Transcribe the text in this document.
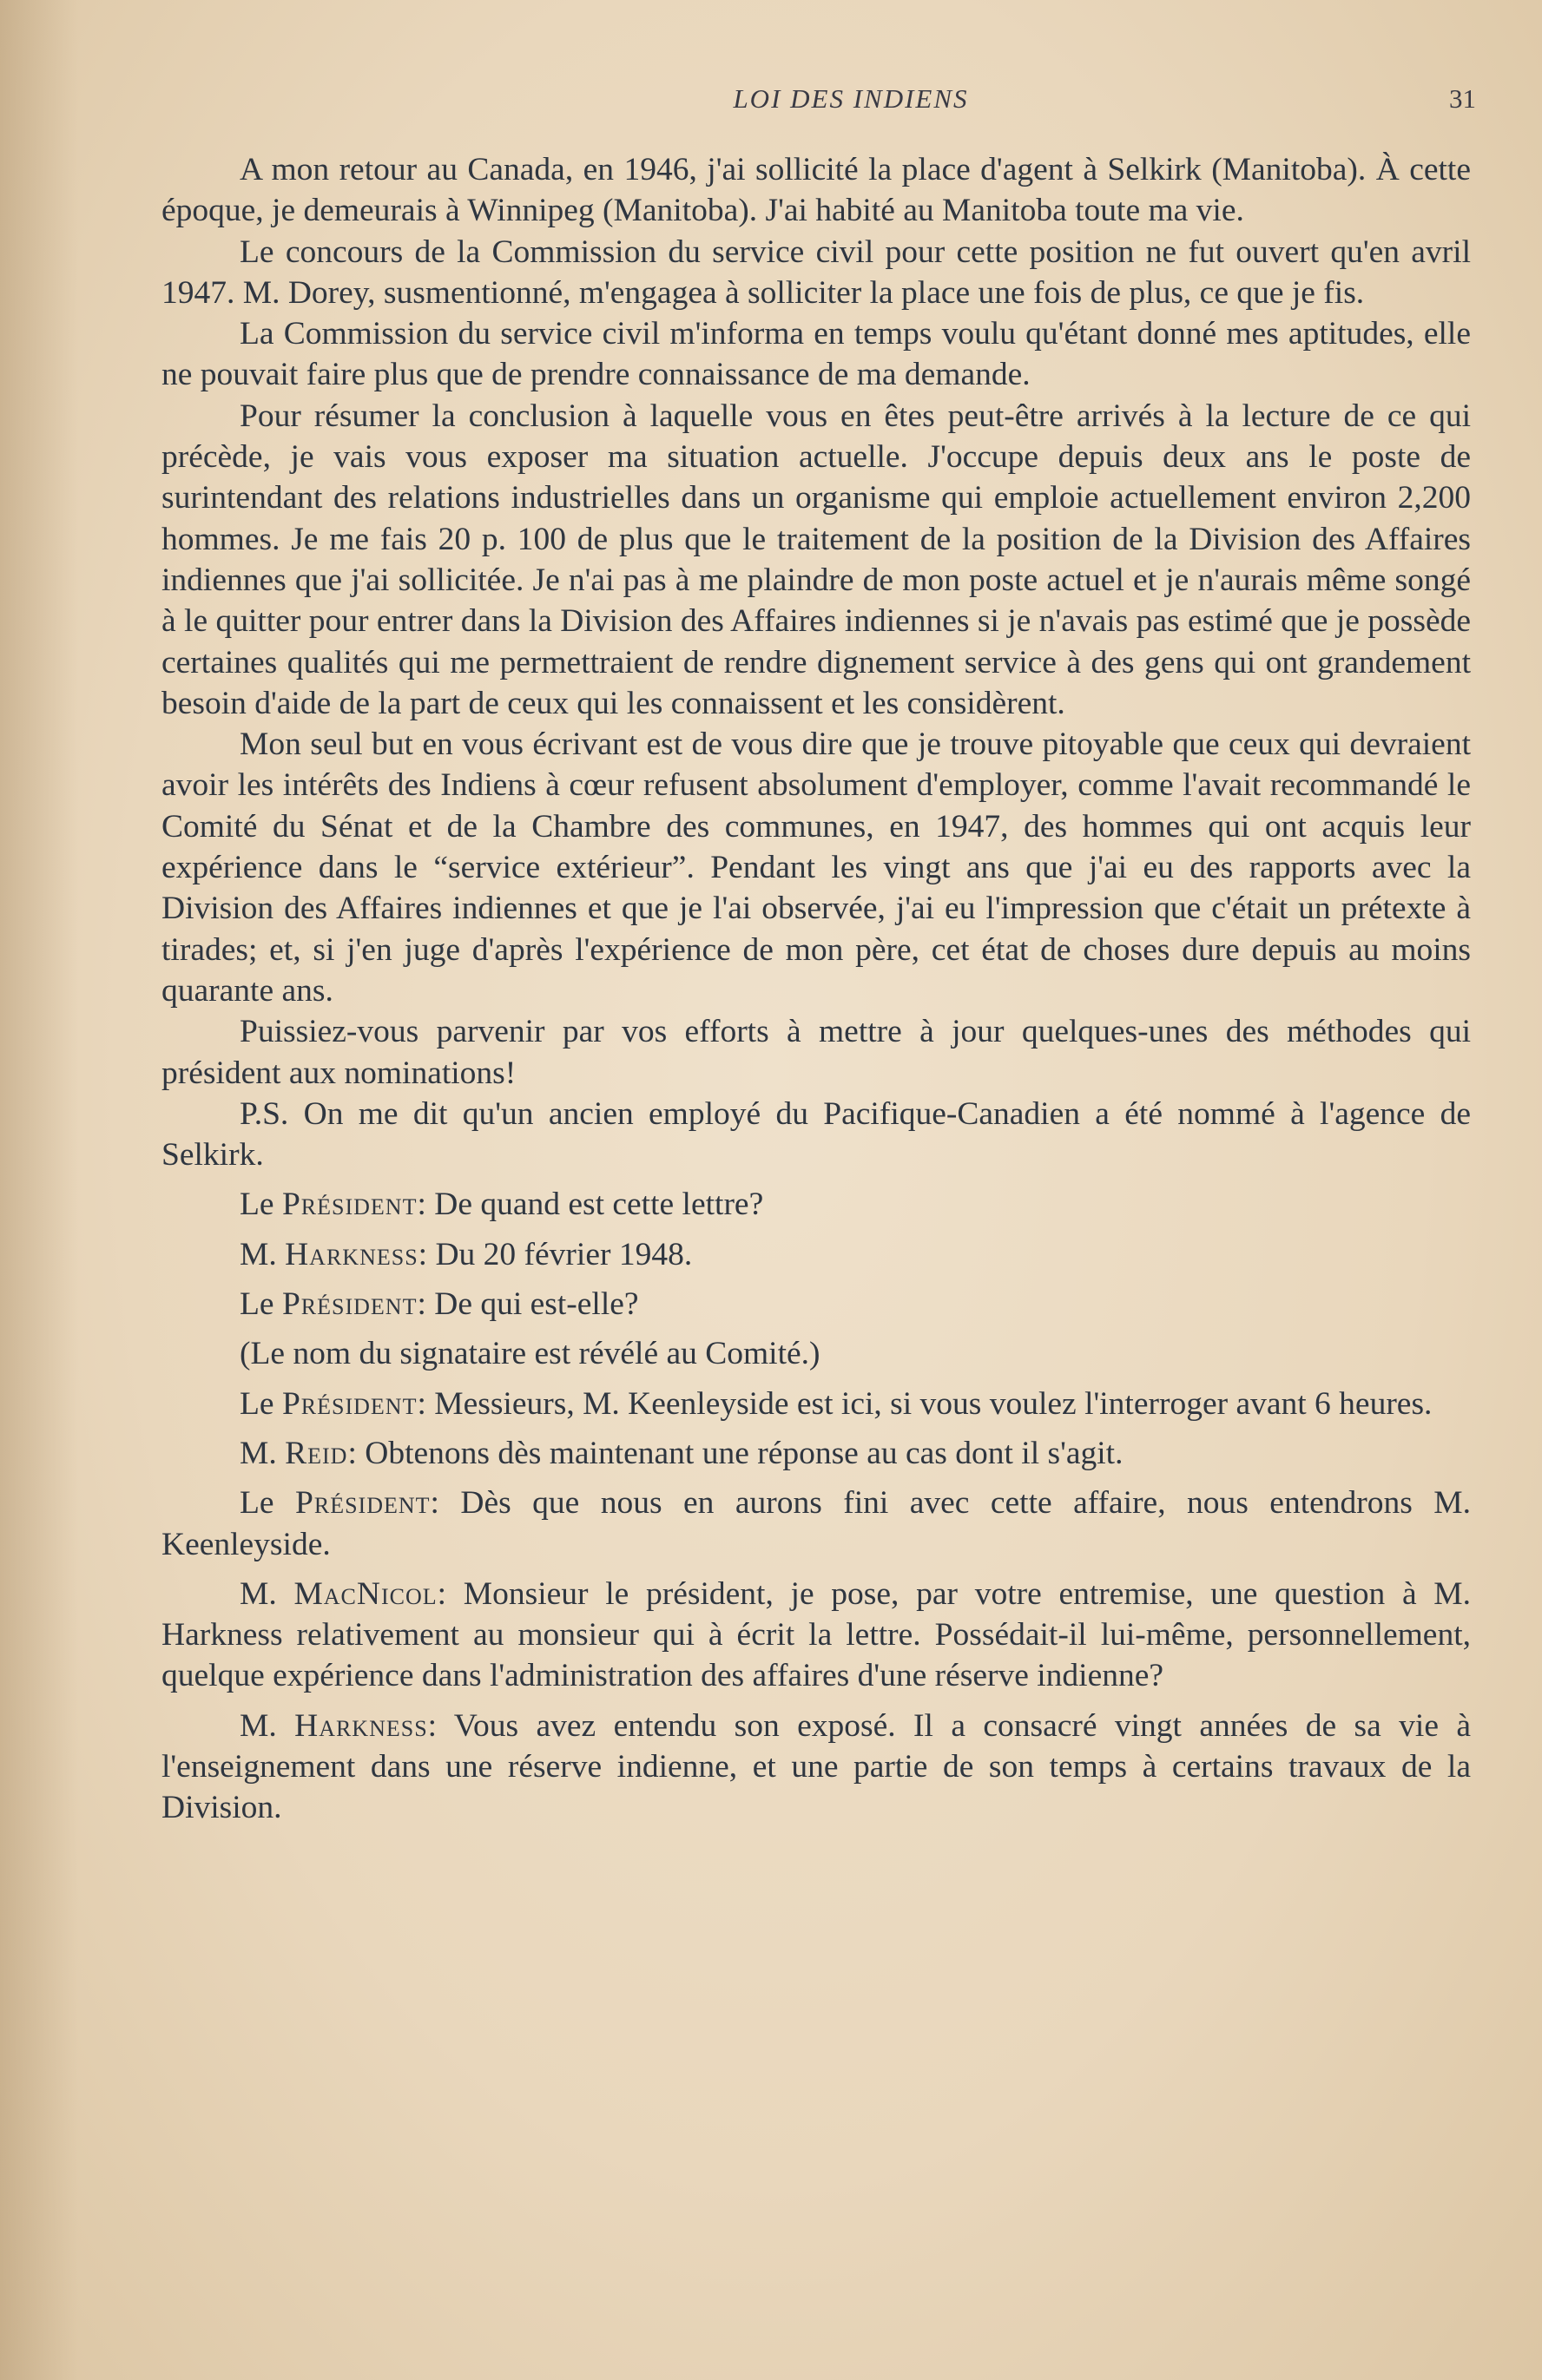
LOI DES INDIENS	31

A mon retour au Canada, en 1946, j'ai sollicité la place d'agent à Selkirk (Manitoba). À cette époque, je demeurais à Winnipeg (Manitoba). J'ai habité au Manitoba toute ma vie.

Le concours de la Commission du service civil pour cette position ne fut ouvert qu'en avril 1947. M. Dorey, susmentionné, m'engagea à solliciter la place une fois de plus, ce que je fis.

La Commission du service civil m'informa en temps voulu qu'étant donné mes aptitudes, elle ne pouvait faire plus que de prendre connaissance de ma demande.

Pour résumer la conclusion à laquelle vous en êtes peut-être arrivés à la lecture de ce qui précède, je vais vous exposer ma situation actuelle. J'occupe depuis deux ans le poste de surintendant des relations industrielles dans un organisme qui emploie actuellement environ 2,200 hommes. Je me fais 20 p. 100 de plus que le traitement de la position de la Division des Affaires indiennes que j'ai sollicitée. Je n'ai pas à me plaindre de mon poste actuel et je n'aurais même songé à le quitter pour entrer dans la Division des Affaires indiennes si je n'avais pas estimé que je possède certaines qualités qui me permettraient de rendre dignement service à des gens qui ont grandement besoin d'aide de la part de ceux qui les connaissent et les considèrent.

Mon seul but en vous écrivant est de vous dire que je trouve pitoyable que ceux qui devraient avoir les intérêts des Indiens à cœur refusent absolument d'employer, comme l'avait recommandé le Comité du Sénat et de la Chambre des communes, en 1947, des hommes qui ont acquis leur expérience dans le “service extérieur”. Pendant les vingt ans que j'ai eu des rapports avec la Division des Affaires indiennes et que je l'ai observée, j'ai eu l'impression que c'était un prétexte à tirades; et, si j'en juge d'après l'expérience de mon père, cet état de choses dure depuis au moins quarante ans.

Puissiez-vous parvenir par vos efforts à mettre à jour quelques-unes des méthodes qui président aux nominations!

P.S. On me dit qu'un ancien employé du Pacifique-Canadien a été nommé à l'agence de Selkirk.

Le Président: De quand est cette lettre?

M. Harkness: Du 20 février 1948.

Le Président: De qui est-elle?

(Le nom du signataire est révélé au Comité.)

Le Président: Messieurs, M. Keenleyside est ici, si vous voulez l'interroger avant 6 heures.

M. Reid: Obtenons dès maintenant une réponse au cas dont il s'agit.

Le Président: Dès que nous en aurons fini avec cette affaire, nous entendrons M. Keenleyside.

M. MacNicol: Monsieur le président, je pose, par votre entremise, une question à M. Harkness relativement au monsieur qui à écrit la lettre. Possédait-il lui-même, personnellement, quelque expérience dans l'administration des affaires d'une réserve indienne?

M. Harkness: Vous avez entendu son exposé. Il a consacré vingt années de sa vie à l'enseignement dans une réserve indienne, et une partie de son temps à certains travaux de la Division.
